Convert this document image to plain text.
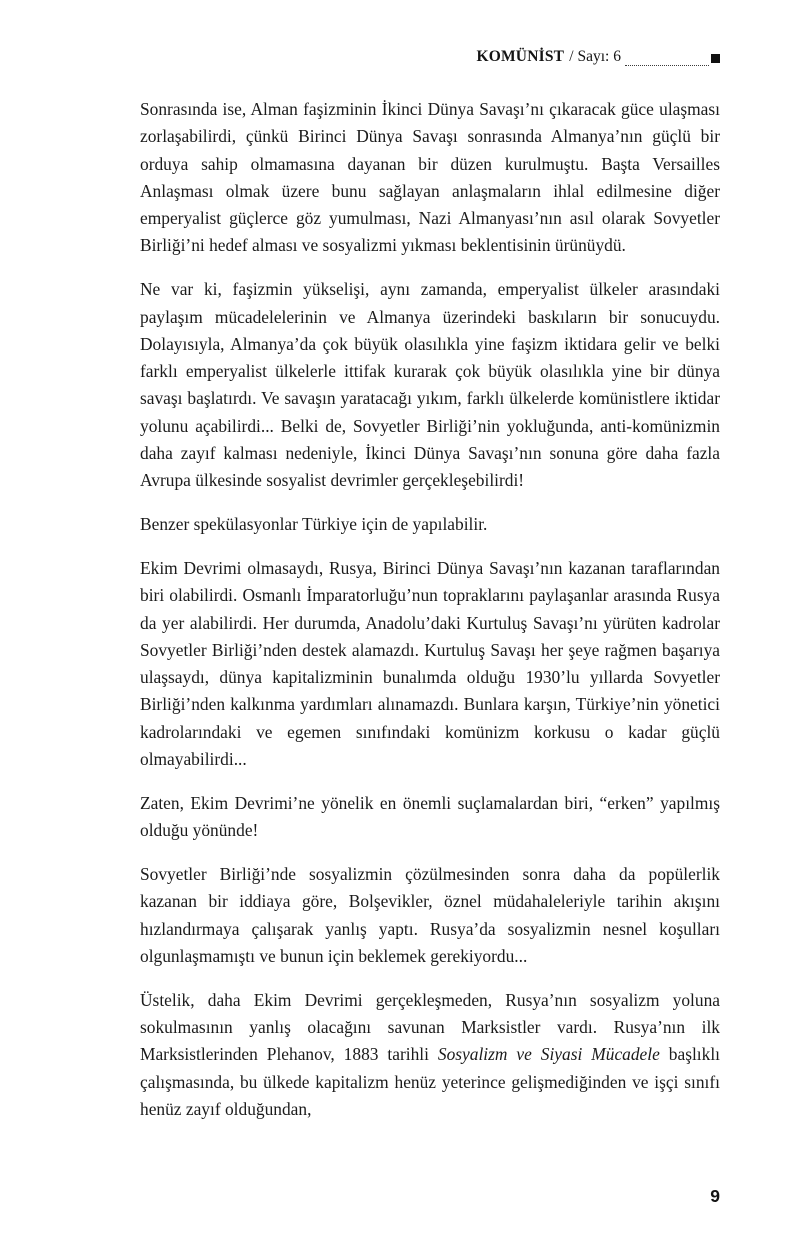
KOMÜNİST / Sayı: 6

Sonrasında ise, Alman faşizminin İkinci Dünya Savaşı’nı çıkaracak güce ulaşması zorlaşabilirdi, çünkü Birinci Dünya Savaşı sonrasında Almanya’nın güçlü bir orduya sahip olmamasına dayanan bir düzen kurulmuştu. Başta Versailles Anlaşması olmak üzere bunu sağlayan anlaşmaların ihlal edilmesine diğer emperyalist güçlerce göz yumulması, Nazi Almanyası’nın asıl olarak Sovyetler Birliği’ni hedef alması ve sosyalizmi yıkması beklentisinin ürünüydü.

Ne var ki, faşizmin yükselişi, aynı zamanda, emperyalist ülkeler arasındaki paylaşım mücadelelerinin ve Almanya üzerindeki baskıların bir sonucuydu. Dolayısıyla, Almanya’da çok büyük olasılıkla yine faşizm iktidara gelir ve belki farklı emperyalist ülkelerle ittifak kurarak çok büyük olasılıkla yine bir dünya savaşı başlatırdı. Ve savaşın yaratacağı yıkım, farklı ülkelerde komünistlere iktidar yolunu açabilirdi... Belki de, Sovyetler Birliği’nin yokluğunda, anti-komünizmin daha zayıf kalması nedeniyle, İkinci Dünya Savaşı’nın sonuna göre daha fazla Avrupa ülkesinde sosyalist devrimler gerçekleşebilirdi!

Benzer spekülasyonlar Türkiye için de yapılabilir.

Ekim Devrimi olmasaydı, Rusya, Birinci Dünya Savaşı’nın kazanan taraflarından biri olabilirdi. Osmanlı İmparatorluğu’nun topraklarını paylaşanlar arasında Rusya da yer alabilirdi. Her durumda, Anadolu’daki Kurtuluş Savaşı’nı yürüten kadrolar Sovyetler Birliği’nden destek alamazdı. Kurtuluş Savaşı her şeye rağmen başarıya ulaşsaydı, dünya kapitalizminin bunalımda olduğu 1930’lu yıllarda Sovyetler Birliği’nden kalkınma yardımları alınamazdı. Bunlara karşın, Türkiye’nin yönetici kadrolarındaki ve egemen sınıfındaki komünizm korkusu o kadar güçlü olmayabilirdi...

Zaten, Ekim Devrimi’ne yönelik en önemli suçlamalardan biri, “erken” yapılmış olduğu yönünde!

Sovyetler Birliği’nde sosyalizmin çözülmesinden sonra daha da popülerlik kazanan bir iddiaya göre, Bolşevikler, öznel müdahaleleriyle tarihin akışını hızlandırmaya çalışarak yanlış yaptı. Rusya’da sosyalizmin nesnel koşulları olgunlaşmamıştı ve bunun için beklemek gerekiyordu...

Üstelik, daha Ekim Devrimi gerçekleşmeden, Rusya’nın sosyalizm yoluna sokulmasının yanlış olacağını savunan Marksistler vardı. Rusya’nın ilk Marksistlerinden Plehanov, 1883 tarihli Sosyalizm ve Siyasi Mücadele başlıklı çalışmasında, bu ülkede kapitalizm henüz yeterince gelişmediğinden ve işçi sınıfı henüz zayıf olduğundan,

9
